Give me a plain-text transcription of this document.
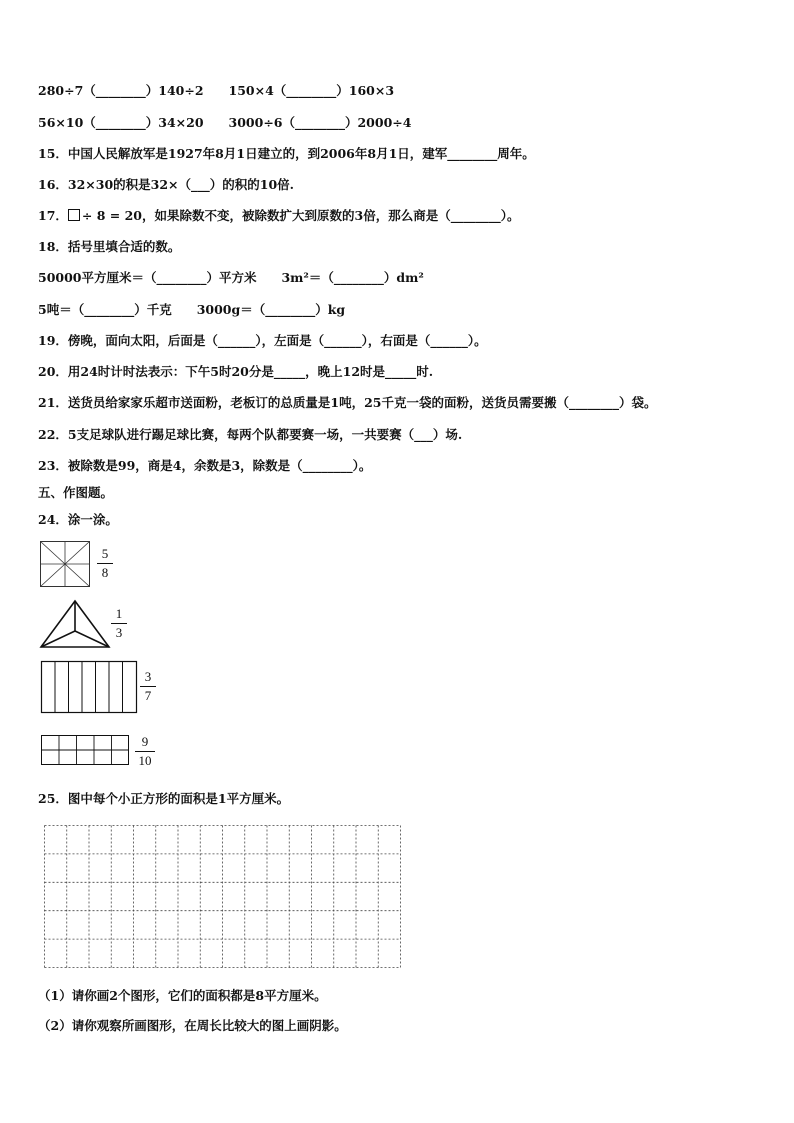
280÷7（________）140÷2　　150×4（________）160×3
56×10（________）34×20　　3000÷6（________）2000÷4
15．中国人民解放军是1927年8月1日建立的，到2006年8月1日，建军________周年。
16．32×30的积是32×（___）的积的10倍.
17． ÷ 8 = 20，如果除数不变，被除数扩大到原数的3倍，那么商是（________）。
18．括号里填合适的数。
50000平方厘米＝（________）平方米　　3m²＝（________）dm²
5吨＝（________）千克　　3000g＝（________）kg
19．傍晚，面向太阳，后面是（______），左面是（______），右面是（______）。
20．用24时计时法表示：下午5时20分是_____，晚上12时是_____时.
21．送货员给家家乐超市送面粉，老板订的总质量是1吨，25千克一袋的面粉，送货员需要搬（________）袋。
22．5支足球队进行踢足球比赛，每两个队都要赛一场，一共要赛（___）场.
23．被除数是99，商是4，余数是3，除数是（________）。
五、作图题。
24．涂一涂。
5
8
1
3
3
7
9
10
25．图中每个小正方形的面积是1平方厘米。
（1）请你画2个图形，它们的面积都是8平方厘米。
（2）请你观察所画图形，在周长比较大的图上画阴影。
